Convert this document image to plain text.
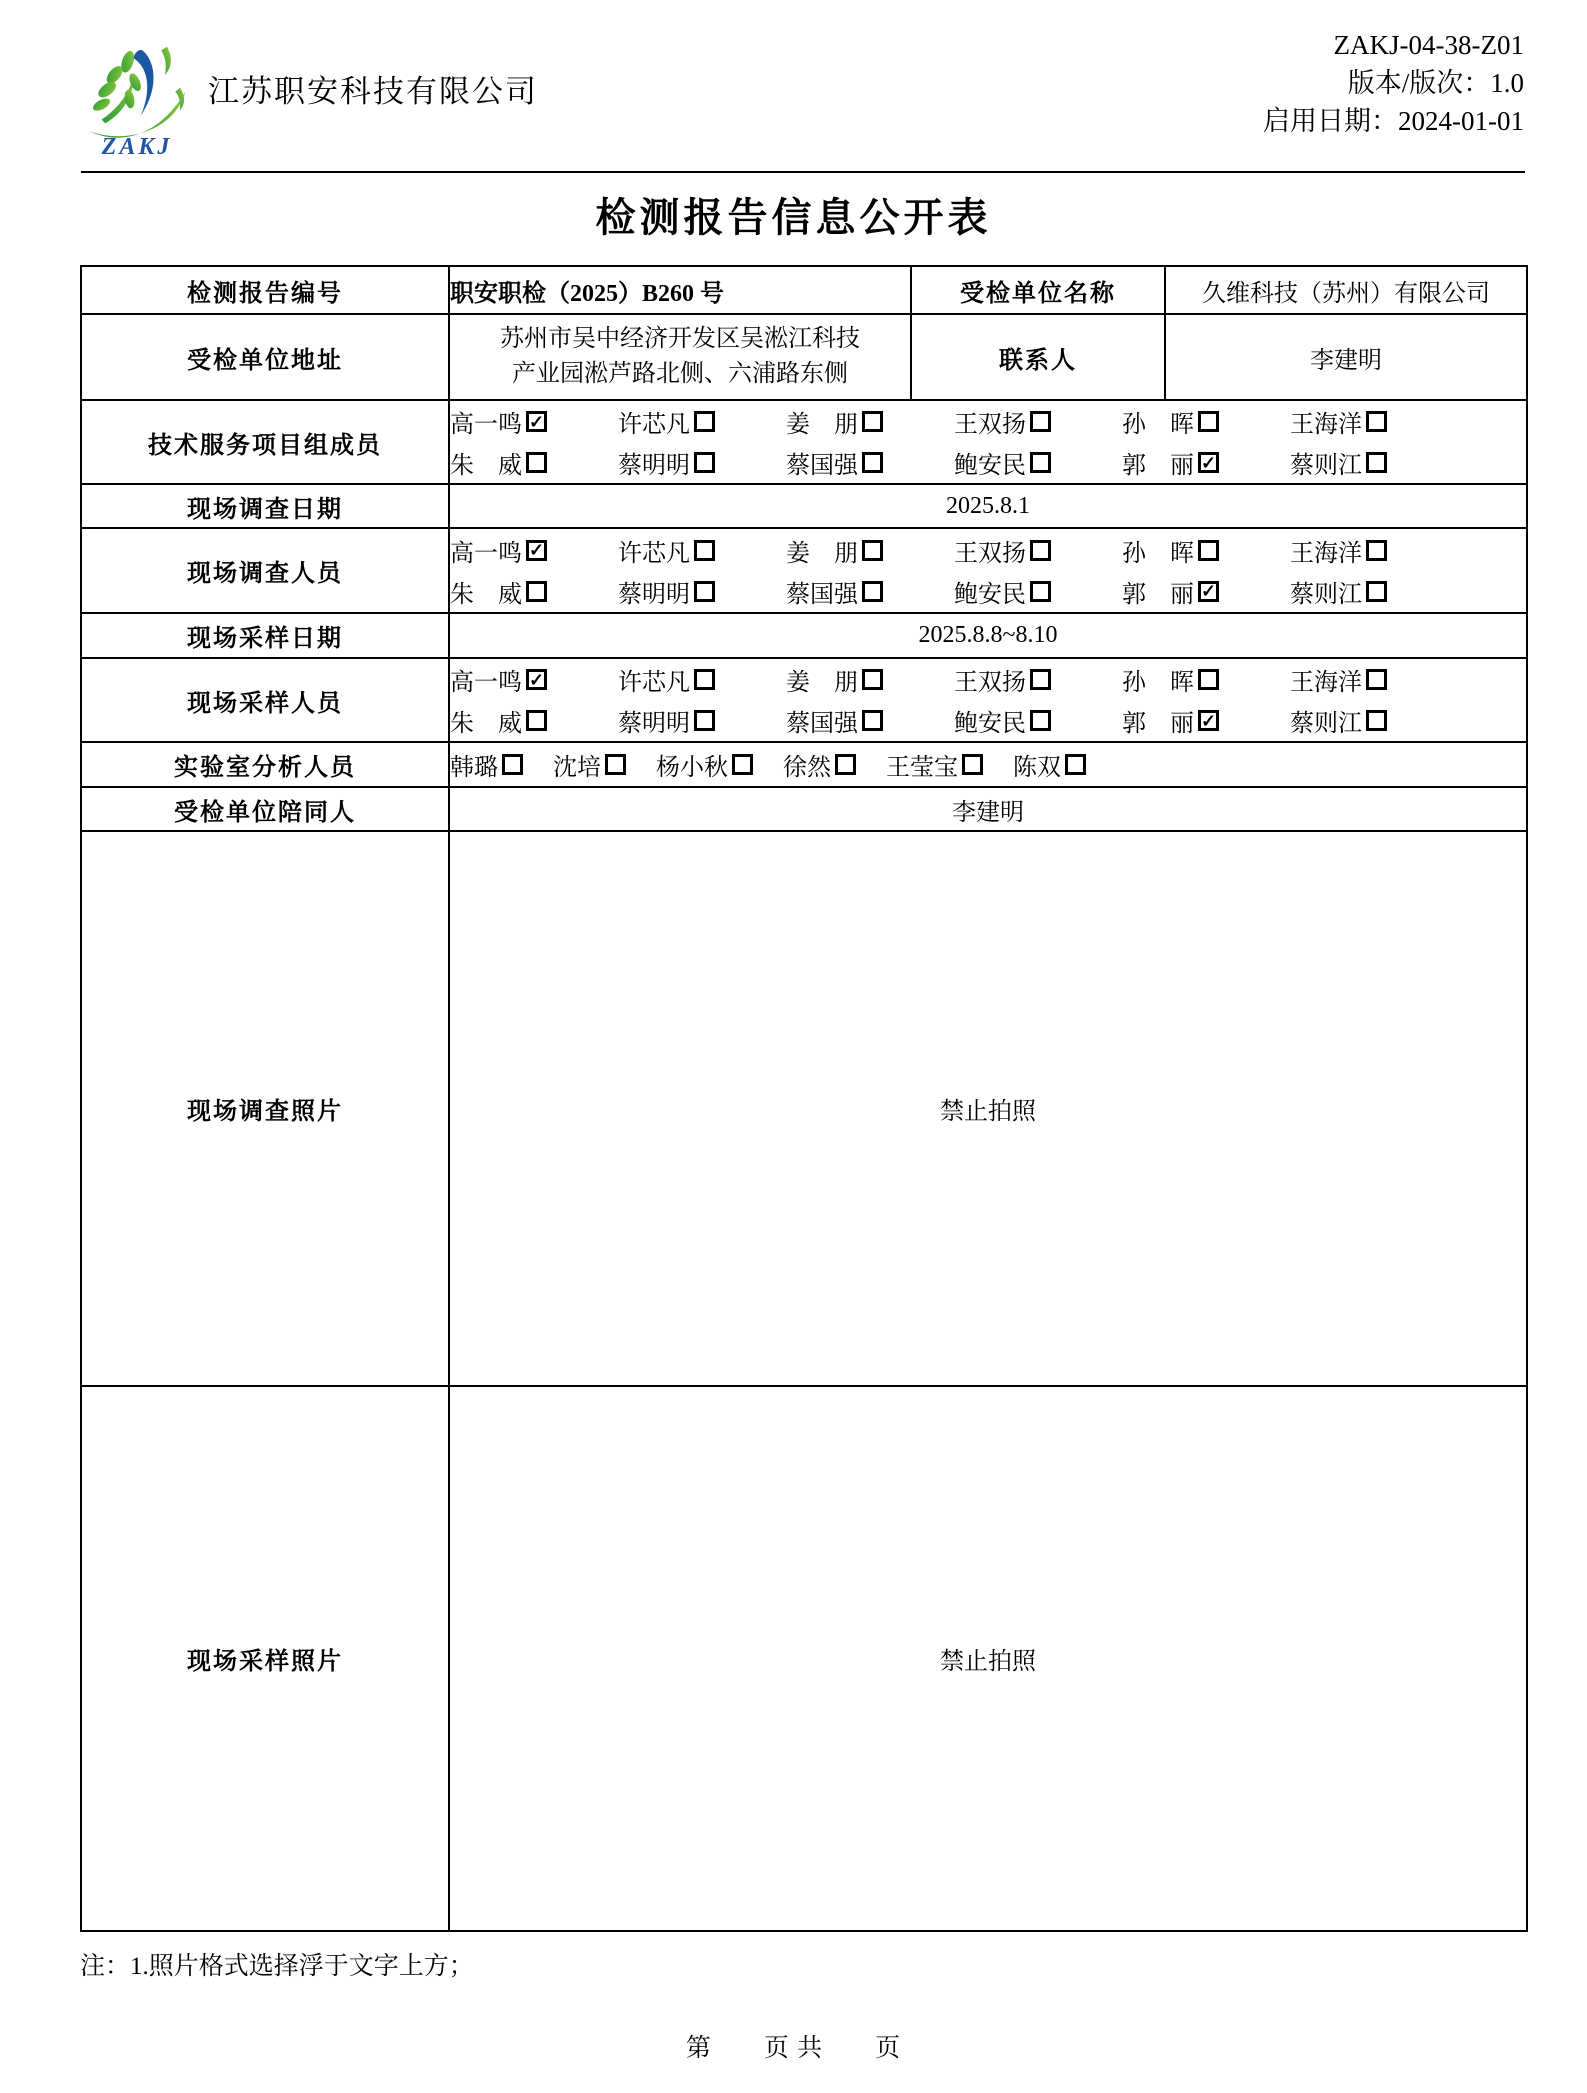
ZAKJ
江苏职安科技有限公司
ZAKJ-04-38-Z01
版本/版次：1.0
启用日期：2024-01-01
检测报告信息公开表
检测报告编号	职安职检（2025）B260 号	受检单位名称	久维科技（苏州）有限公司
受检单位地址	苏州市吴中经济开发区吴淞江科技
产业园淞芦路北侧、六浦路东侧	联系人	李建明
技术服务项目组成员	
高一鸣 ✓	许芯凡	姜　朋	王双扬	孙　晖	王海洋
朱　威	蔡明明	蔡国强	鲍安民	郭　丽 ✓	蔡则江

现场调查日期	2025.8.1		
现场调查人员	
高一鸣 ✓	许芯凡	姜　朋	王双扬	孙　晖	王海洋
朱　威	蔡明明	蔡国强	鲍安民	郭　丽 ✓	蔡则江

现场采样日期	2025.8.8~8.10		
现场采样人员	
高一鸣 ✓	许芯凡	姜　朋	王双扬	孙　晖	王海洋
朱　威	蔡明明	蔡国强	鲍安民	郭　丽 ✓	蔡则江

实验室分析人员	韩璐 沈培 杨小秋 徐然 王莹宝 陈双

受检单位陪同人	李建明		
现场调查照片	禁止拍照		
现场采样照片	禁止拍照		
注：1.照片格式选择浮于文字上方；
第　　页 共　　页
